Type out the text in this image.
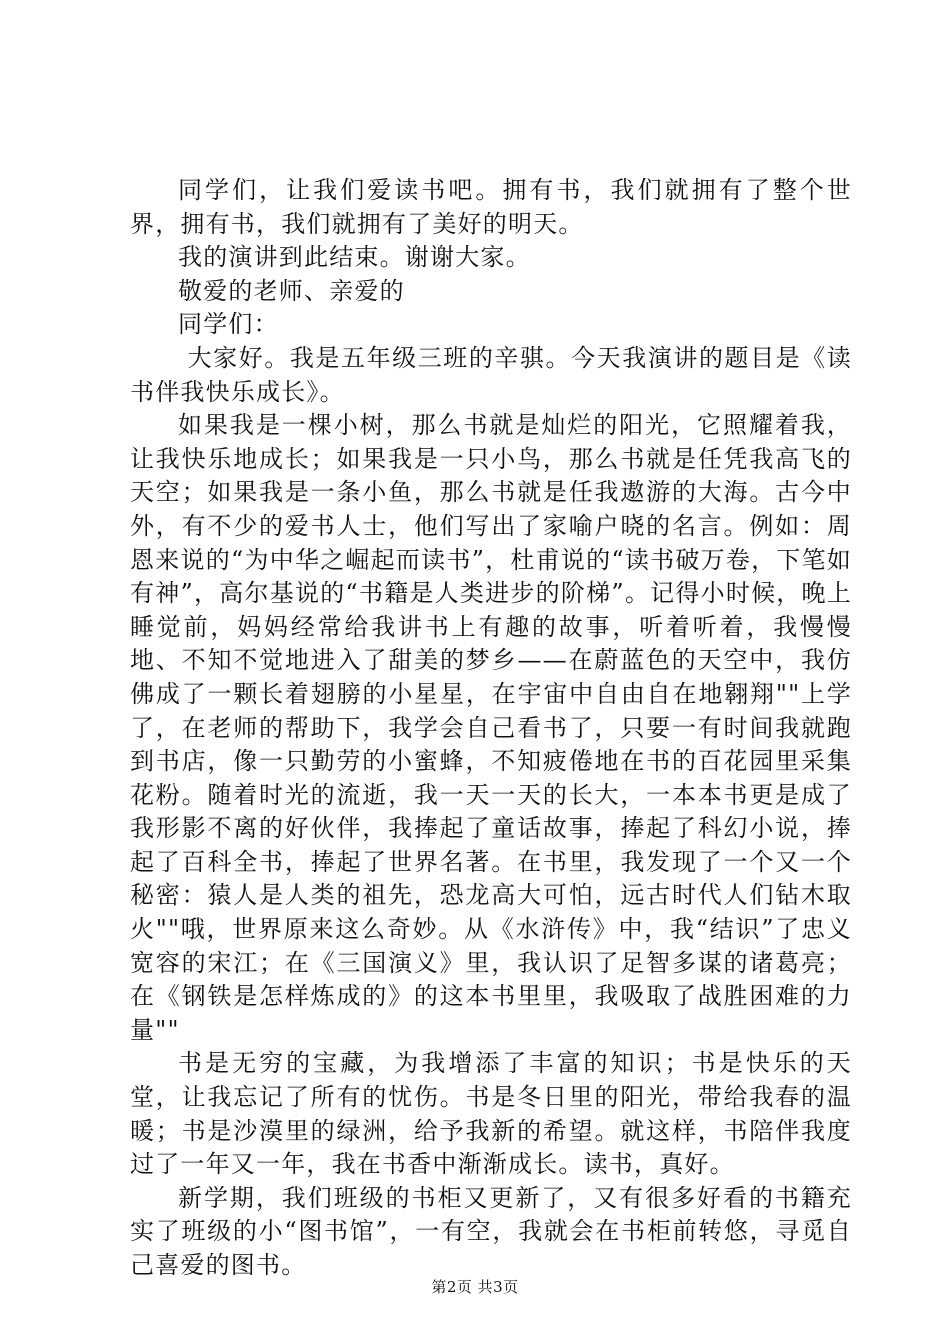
同学们，让我们爱读书吧。拥有书，我们就拥有了整个世界，拥有书，我们就拥有了美好的明天。

我的演讲到此结束。谢谢大家。

敬爱的老师、亲爱的

同学们：

大家好。我是五年级三班的辛骐。今天我演讲的题目是《读书伴我快乐成长》。

如果我是一棵小树，那么书就是灿烂的阳光，它照耀着我，让我快乐地成长；如果我是一只小鸟，那么书就是任凭我高飞的天空；如果我是一条小鱼，那么书就是任我遨游的大海。古今中外，有不少的爱书人士，他们写出了家喻户晓的名言。例如：周恩来说的“为中华之崛起而读书”，杜甫说的“读书破万卷，下笔如有神”，高尔基说的“书籍是人类进步的阶梯”。记得小时候，晚上睡觉前，妈妈经常给我讲书上有趣的故事，听着听着，我慢慢地、不知不觉地进入了甜美的梦乡——在蔚蓝色的天空中，我仿佛成了一颗长着翅膀的小星星，在宇宙中自由自在地翱翔""上学了，在老师的帮助下，我学会自己看书了，只要一有时间我就跑到书店，像一只勤劳的小蜜蜂，不知疲倦地在书的百花园里采集花粉。随着时光的流逝，我一天一天的长大，一本本书更是成了我形影不离的好伙伴，我捧起了童话故事，捧起了科幻小说，捧起了百科全书，捧起了世界名著。在书里，我发现了一个又一个秘密：猿人是人类的祖先，恐龙高大可怕，远古时代人们钻木取火""哦，世界原来这么奇妙。从《水浒传》中，我“结识”了忠义宽容的宋江；在《三国演义》里，我认识了足智多谋的诸葛亮；在《钢铁是怎样炼成的》的这本书里里，我吸取了战胜困难的力量""

书是无穷的宝藏，为我增添了丰富的知识；书是快乐的天堂，让我忘记了所有的忧伤。书是冬日里的阳光，带给我春的温暖；书是沙漠里的绿洲，给予我新的希望。就这样，书陪伴我度过了一年又一年，我在书香中渐渐成长。读书，真好。

新学期，我们班级的书柜又更新了，又有很多好看的书籍充实了班级的小“图书馆”，一有空，我就会在书柜前转悠，寻觅自己喜爱的图书。

第2页 共3页
